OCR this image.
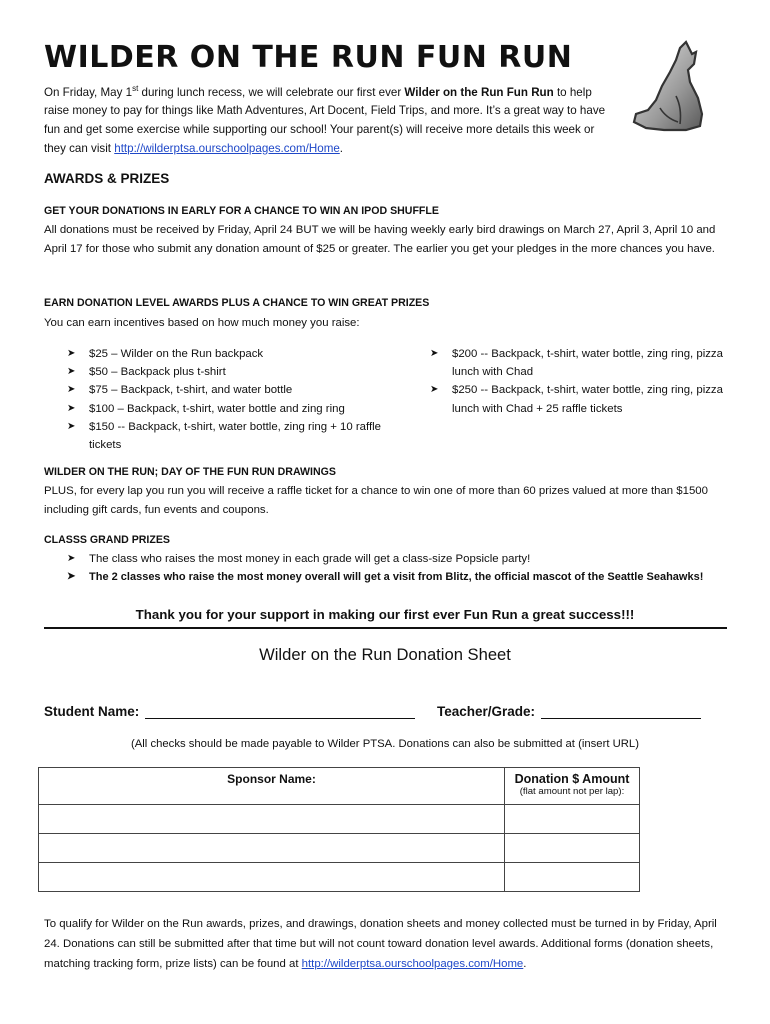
WILDER ON THE RUN FUN RUN
On Friday, May 1st during lunch recess, we will celebrate our first ever Wilder on the Run Fun Run to help raise money to pay for things like Math Adventures, Art Docent, Field Trips, and more. It’s a great way to have fun and get some exercise while supporting our school! Your parent(s) will receive more details this week or they can visit http://wilderptsa.ourschoolpages.com/Home.
AWARDS & PRIZES
GET YOUR DONATIONS IN EARLY FOR A CHANCE TO WIN AN IPOD SHUFFLE
All donations must be received by Friday, April 24 BUT we will be having weekly early bird drawings on March 27, April 3, April 10 and April 17 for those who submit any donation amount of $25 or greater. The earlier you get your pledges in the more chances you have.
EARN DONATION LEVEL AWARDS PLUS A CHANCE TO WIN GREAT PRIZES
You can earn incentives based on how much money you raise:
➤ $25 – Wilder on the Run backpack
➤ $50 – Backpack plus t-shirt
➤ $75 – Backpack, t-shirt, and water bottle
➤ $100 – Backpack, t-shirt, water bottle and zing ring
➤ $150 -- Backpack, t-shirt, water bottle, zing ring + 10 raffle tickets
➤ $200 -- Backpack, t-shirt, water bottle, zing ring, pizza lunch with Chad
➤ $250 -- Backpack, t-shirt, water bottle, zing ring, pizza lunch with Chad + 25 raffle tickets
WILDER ON THE RUN; DAY OF THE FUN RUN DRAWINGS
PLUS, for every lap you run you will receive a raffle ticket for a chance to win one of more than 60 prizes valued at more than $1500 including gift cards, fun events and coupons.
CLASSS GRAND PRIZES
➤ The class who raises the most money in each grade will get a class-size Popsicle party!
➤ The 2 classes who raise the most money overall will get a visit from Blitz, the official mascot of the Seattle Seahawks!
Thank you for your support in making our first ever Fun Run a great success!!!
Wilder on the Run Donation Sheet
Student Name:	Teacher/Grade:
(All checks should be made payable to Wilder PTSA. Donations can also be submitted at (insert URL)
Sponsor Name:	Donation $ Amount
(flat amount not per lap):

To qualify for Wilder on the Run awards, prizes, and drawings, donation sheets and money collected must be turned in by Friday, April 24. Donations can still be submitted after that time but will not count toward donation level awards. Additional forms (donation sheets, matching tracking form, prize lists) can be found at http://wilderptsa.ourschoolpages.com/Home.
